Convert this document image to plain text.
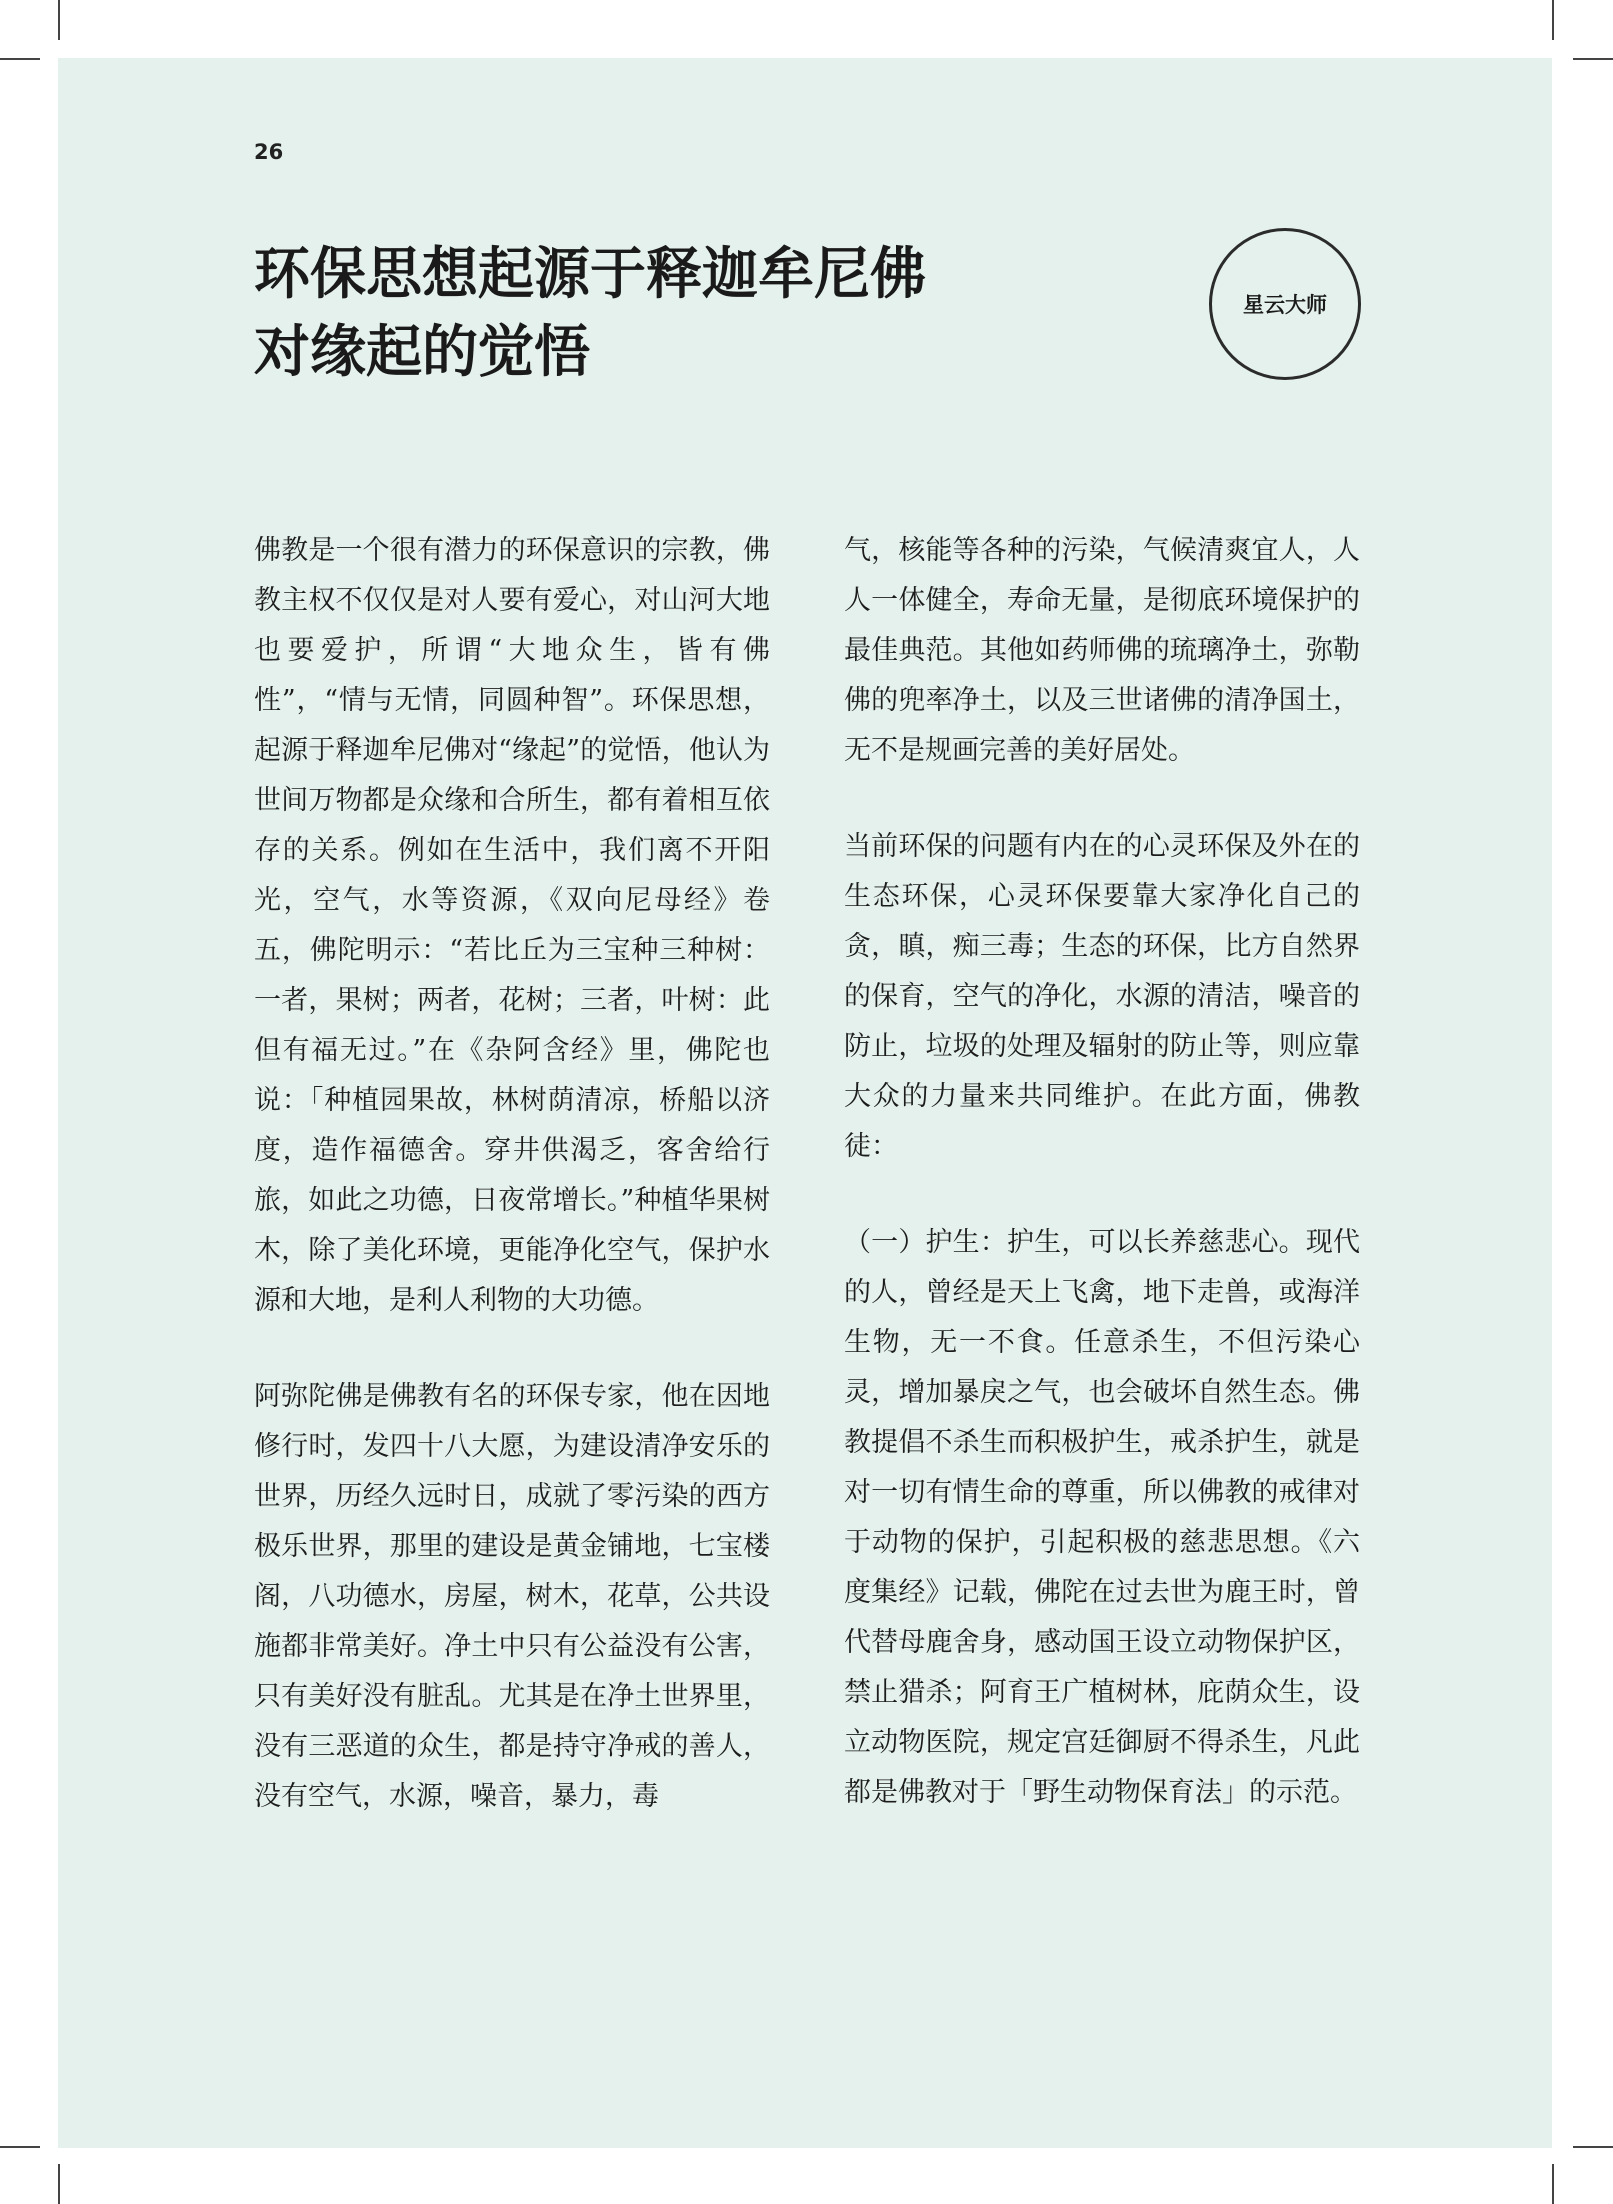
26
环保思想起源于释迦牟尼佛
对缘起的觉悟
星云大师

佛教是一个很有潜力的环保意识的宗教，佛教主权不仅仅是对人要有爱心，对山河大地也要爱护，所谓“大地众生，皆有佛性”，“情与无情，同圆种智”。环保思想，起源于释迦牟尼佛对“缘起”的觉悟，他认为世间万物都是众缘和合所生，都有着相互依存的关系。例如在生活中，我们离不开阳光，空气，水等资源，《双向尼母经》卷五，佛陀明示：“若比丘为三宝种三种树：一者，果树；两者，花树；三者，叶树：此但有福无过。”在《杂阿含经》里，佛陀也说：「种植园果故，林树荫清凉，桥船以济度，造作福德舍。穿井供渴乏，客舍给行旅，如此之功德，日夜常增长。”种植华果树木，除了美化环境，更能净化空气，保护水源和大地，是利人利物的大功德。

阿弥陀佛是佛教有名的环保专家，他在因地修行时，发四十八大愿，为建设清净安乐的世界，历经久远时日，成就了零污染的西方极乐世界，那里的建设是黄金铺地，七宝楼阁，八功德水，房屋，树木，花草，公共设施都非常美好。净土中只有公益没有公害，只有美好没有脏乱。尤其是在净土世界里，没有三恶道的众生，都是持守净戒的善人，没有空气，水源，噪音，暴力，毒

气，核能等各种的污染，气候清爽宜人，人人一体健全，寿命无量，是彻底环境保护的最佳典范。其他如药师佛的琉璃净土，弥勒佛的兜率净土，以及三世诸佛的清净国土，无不是规画完善的美好居处。

当前环保的问题有内在的心灵环保及外在的生态环保，心灵环保要靠大家净化自己的贪，瞋，痴三毒；生态的环保，比方自然界的保育，空气的净化，水源的清洁，噪音的防止，垃圾的处理及辐射的防止等，则应靠大众的力量来共同维护。在此方面，佛教徒：

（一）护生：护生，可以长养慈悲心。现代的人，曾经是天上飞禽，地下走兽，或海洋生物，无一不食。任意杀生，不但污染心灵，增加暴戾之气，也会破坏自然生态。佛教提倡不杀生而积极护生，戒杀护生，就是对一切有情生命的尊重，所以佛教的戒律对于动物的保护，引起积极的慈悲思想。《六度集经》记载，佛陀在过去世为鹿王时，曾代替母鹿舍身，感动国王设立动物保护区，禁止猎杀；阿育王广植树林，庇荫众生，设立动物医院，规定宫廷御厨不得杀生，凡此都是佛教对于「野生动物保育法」的示范。
